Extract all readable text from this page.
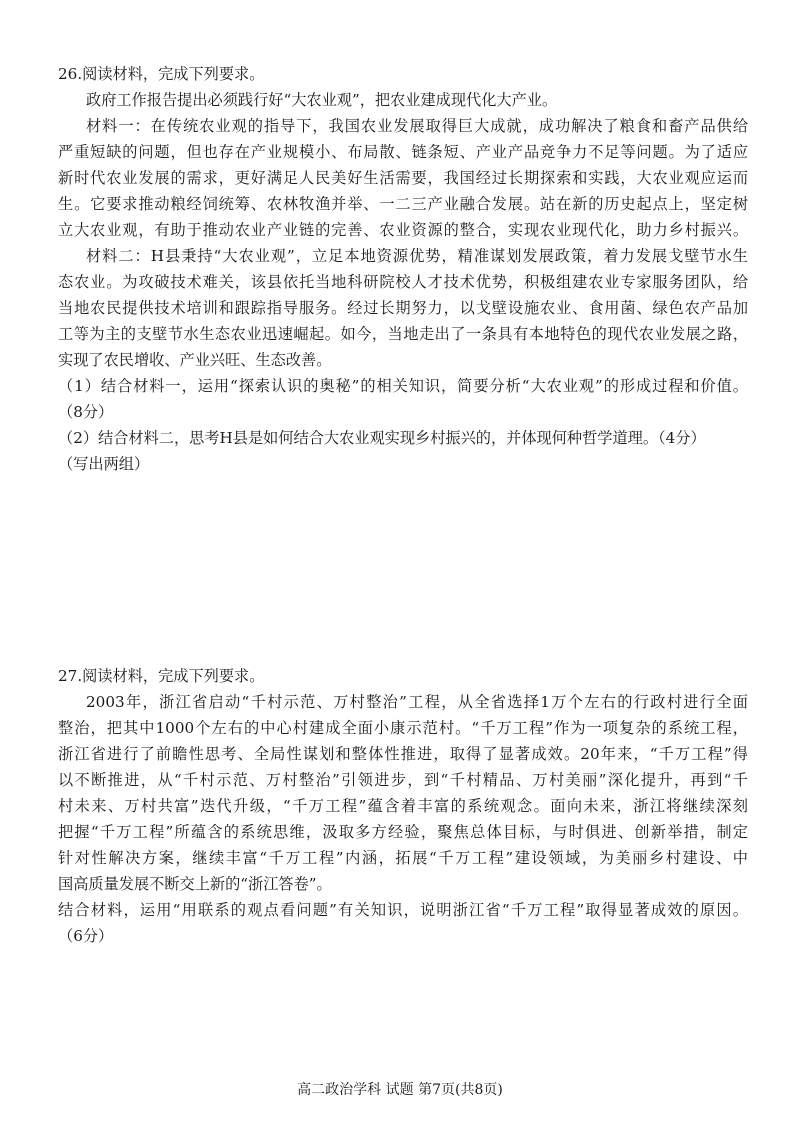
26.阅读材料，完成下列要求。
政府工作报告提出必须践行好“大农业观”，把农业建成现代化大产业。
材料一：在传统农业观的指导下，我国农业发展取得巨大成就，成功解决了粮食和畜产品供给
严重短缺的问题，但也存在产业规模小、布局散、链条短、产业产品竞争力不足等问题。为了适应
新时代农业发展的需求，更好满足人民美好生活需要，我国经过长期探索和实践，大农业观应运而
生。它要求推动粮经饲统筹、农林牧渔并举、一二三产业融合发展。站在新的历史起点上，坚定树
立大农业观，有助于推动农业产业链的完善、农业资源的整合，实现农业现代化，助力乡村振兴。
材料二：H县秉持“大农业观”，立足本地资源优势，精准谋划发展政策，着力发展戈壁节水生
态农业。为攻破技术难关，该县依托当地科研院校人才技术优势，积极组建农业专家服务团队，给
当地农民提供技术培训和跟踪指导服务。经过长期努力，以戈壁设施农业、食用菌、绿色农产品加
工等为主的支壁节水生态农业迅速崛起。如今，当地走出了一条具有本地特色的现代农业发展之路，
实现了农民增收、产业兴旺、生态改善。
（1）结合材料一，运用“探索认识的奥秘”的相关知识，简要分析“大农业观”的形成过程和价值。
（8分）
（2）结合材料二，思考H县是如何结合大农业观实现乡村振兴的，并体现何种哲学道理。（4分）
（写出两组）
27.阅读材料，完成下列要求。
2003年，浙江省启动“千村示范、万村整治”工程，从全省选择1万个左右的行政村进行全面
整治，把其中1000个左右的中心村建成全面小康示范村。“千万工程”作为一项复杂的系统工程，
浙江省进行了前瞻性思考、全局性谋划和整体性推进，取得了显著成效。20年来，“千万工程”得
以不断推进，从“千村示范、万村整治”引领进步，到“千村精品、万村美丽”深化提升，再到“千
村未来、万村共富”迭代升级，“千万工程”蕴含着丰富的系统观念。面向未来，浙江将继续深刻
把握“千万工程”所蕴含的系统思维，汲取多方经验，聚焦总体目标，与时俱进、创新举措，制定
针对性解决方案，继续丰富“千万工程”内涵，拓展“千万工程”建设领域，为美丽乡村建设、中
国高质量发展不断交上新的“浙江答卷”。
结合材料，运用“用联系的观点看问题”有关知识，说明浙江省“千万工程”取得显著成效的原因。
（6分）
高二政治学科 试题 第7页(共8页)
